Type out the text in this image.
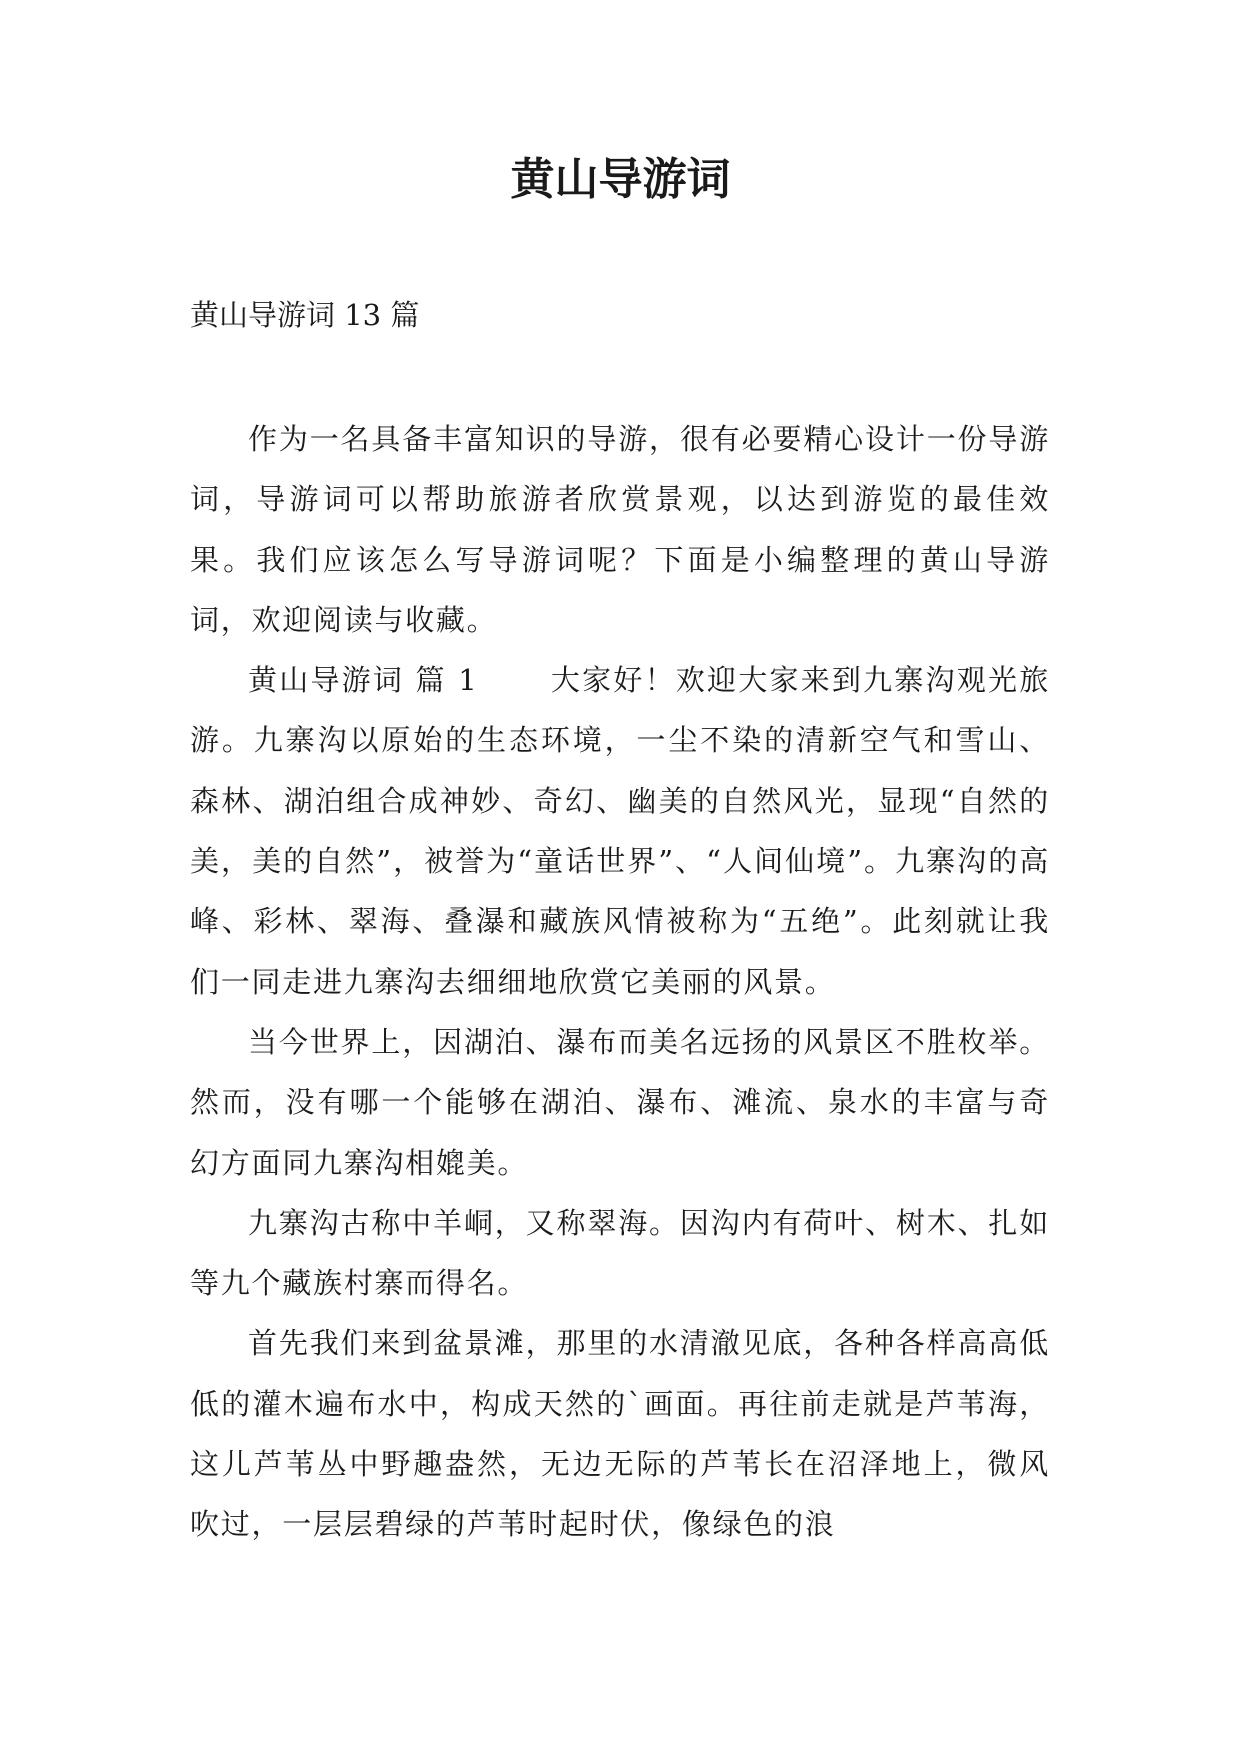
黄山导游词

黄山导游词 13 篇

作为一名具备丰富知识的导游，很有必要精心设计一份导游词，导游词可以帮助旅游者欣赏景观，以达到游览的最佳效果。我们应该怎么写导游词呢？下面是小编整理的黄山导游词，欢迎阅读与收藏。

黄山导游词 篇 1 大家好！欢迎大家来到九寨沟观光旅游。九寨沟以原始的生态环境，一尘不染的清新空气和雪山、森林、湖泊组合成神妙、奇幻、幽美的自然风光，显现“自然的美，美的自然”，被誉为“童话世界”、“人间仙境”。九寨沟的高峰、彩林、翠海、叠瀑和藏族风情被称为“五绝”。此刻就让我们一同走进九寨沟去细细地欣赏它美丽的风景。

当今世界上，因湖泊、瀑布而美名远扬的风景区不胜枚举。然而，没有哪一个能够在湖泊、瀑布、滩流、泉水的丰富与奇幻方面同九寨沟相媲美。

九寨沟古称中羊峒，又称翠海。因沟内有荷叶、树木、扎如等九个藏族村寨而得名。

首先我们来到盆景滩，那里的水清澈见底，各种各样高高低低的灌木遍布水中，构成天然的`画面。再往前走就是芦苇海，这儿芦苇丛中野趣盎然，无边无际的芦苇长在沼泽地上，微风吹过，一层层碧绿的芦苇时起时伏，像绿色的浪
